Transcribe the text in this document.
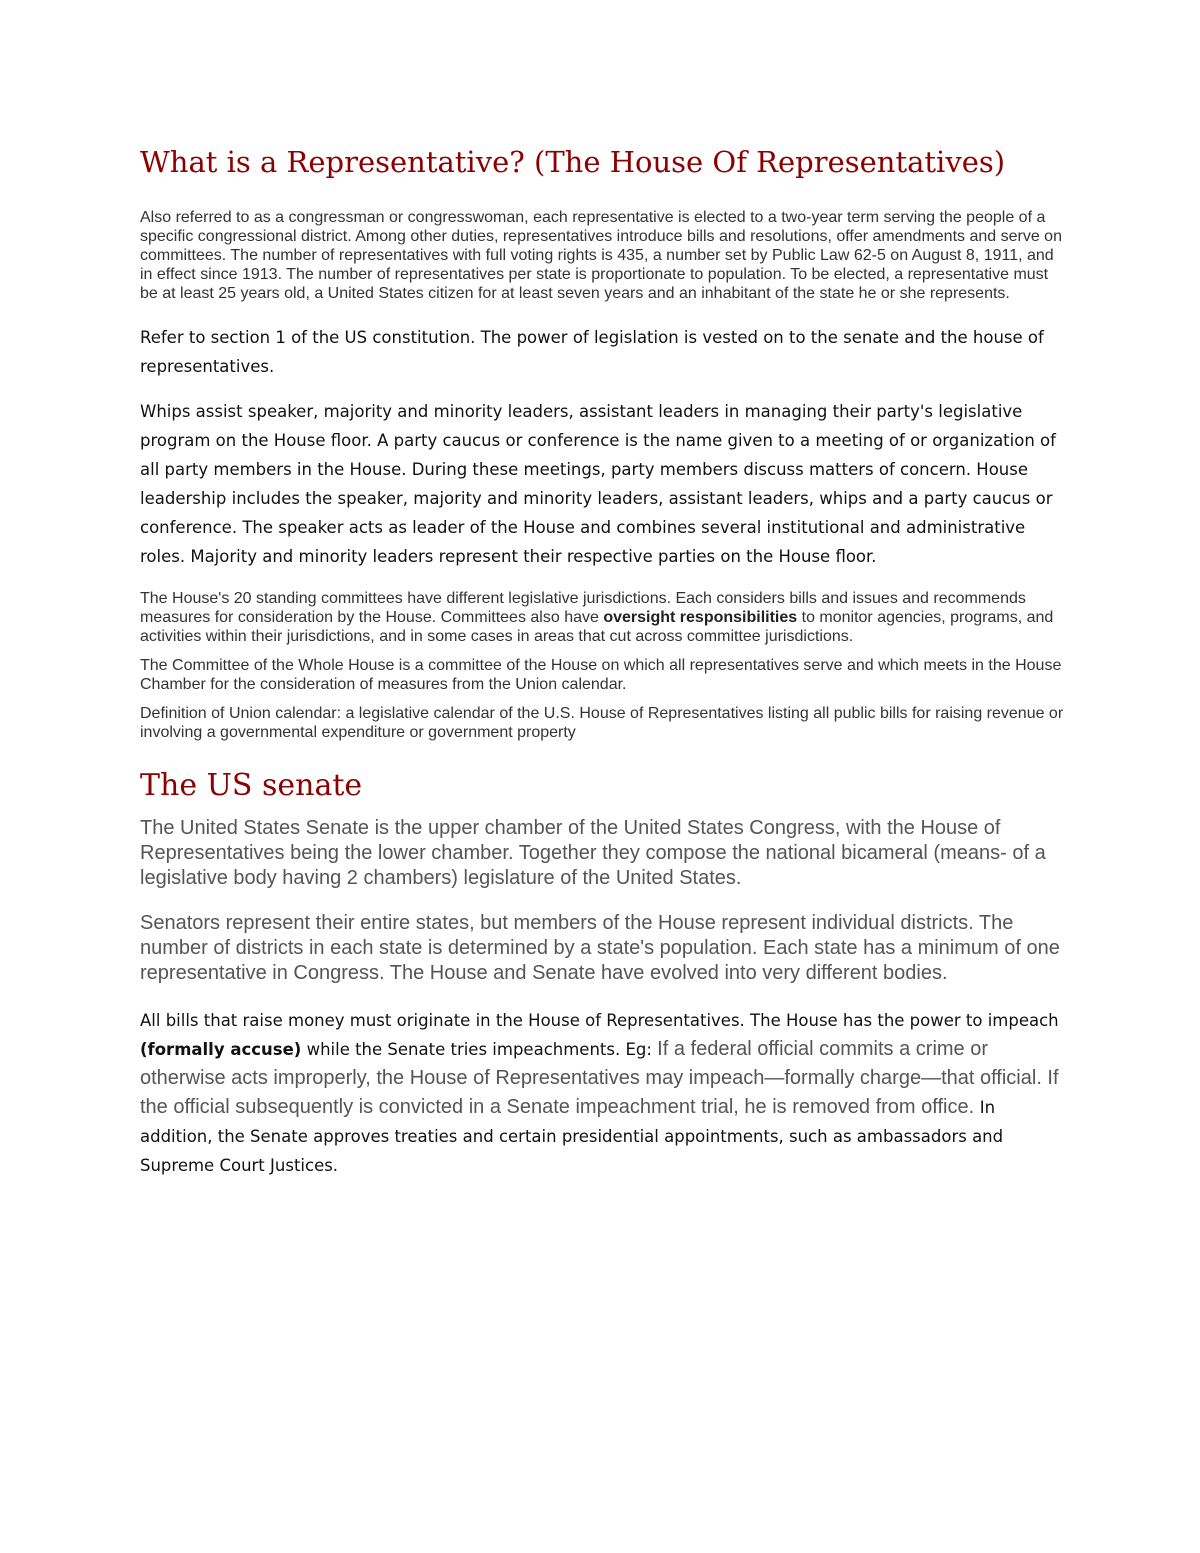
What is a Representative? (The House Of Representatives)

Also referred to as a congressman or congresswoman, each representative is elected to a two-year term serving the people of a specific congressional district. Among other duties, representatives introduce bills and resolutions, offer amendments and serve on committees. The number of representatives with full voting rights is 435, a number set by Public Law 62-5 on August 8, 1911, and in effect since 1913. The number of representatives per state is proportionate to population. To be elected, a representative must be at least 25 years old, a United States citizen for at least seven years and an inhabitant of the state he or she represents.

Refer to section 1 of the US constitution. The power of legislation is vested on to the senate and the house of representatives.

Whips assist speaker, majority and minority leaders, assistant leaders in managing their party's legislative program on the House floor. A party caucus or conference is the name given to a meeting of or organization of all party members in the House. During these meetings, party members discuss matters of concern. House leadership includes the speaker, majority and minority leaders, assistant leaders, whips and a party caucus or conference. The speaker acts as leader of the House and combines several institutional and administrative roles. Majority and minority leaders represent their respective parties on the House floor.

The House's 20 standing committees have different legislative jurisdictions. Each considers bills and issues and recommends measures for consideration by the House. Committees also have oversight responsibilities to monitor agencies, programs, and activities within their jurisdictions, and in some cases in areas that cut across committee jurisdictions.

The Committee of the Whole House is a committee of the House on which all representatives serve and which meets in the House Chamber for the consideration of measures from the Union calendar.

Definition of Union calendar: a legislative calendar of the U.S. House of Representatives listing all public bills for raising revenue or involving a governmental expenditure or government property

The US senate

The United States Senate is the upper chamber of the United States Congress, with the House of Representatives being the lower chamber. Together they compose the national bicameral (means- of a legislative body having 2 chambers) legislature of the United States.

Senators represent their entire states, but members of the House represent individual districts. The number of districts in each state is determined by a state's population. Each state has a minimum of one representative in Congress. The House and Senate have evolved into very different bodies.

All bills that raise money must originate in the House of Representatives. The House has the power to impeach (formally accuse) while the Senate tries impeachments. Eg: If a federal official commits a crime or otherwise acts improperly, the House of Representatives may impeach—formally charge—that official. If the official subsequently is convicted in a Senate impeachment trial, he is removed from office. In addition, the Senate approves treaties and certain presidential appointments, such as ambassadors and Supreme Court Justices.
